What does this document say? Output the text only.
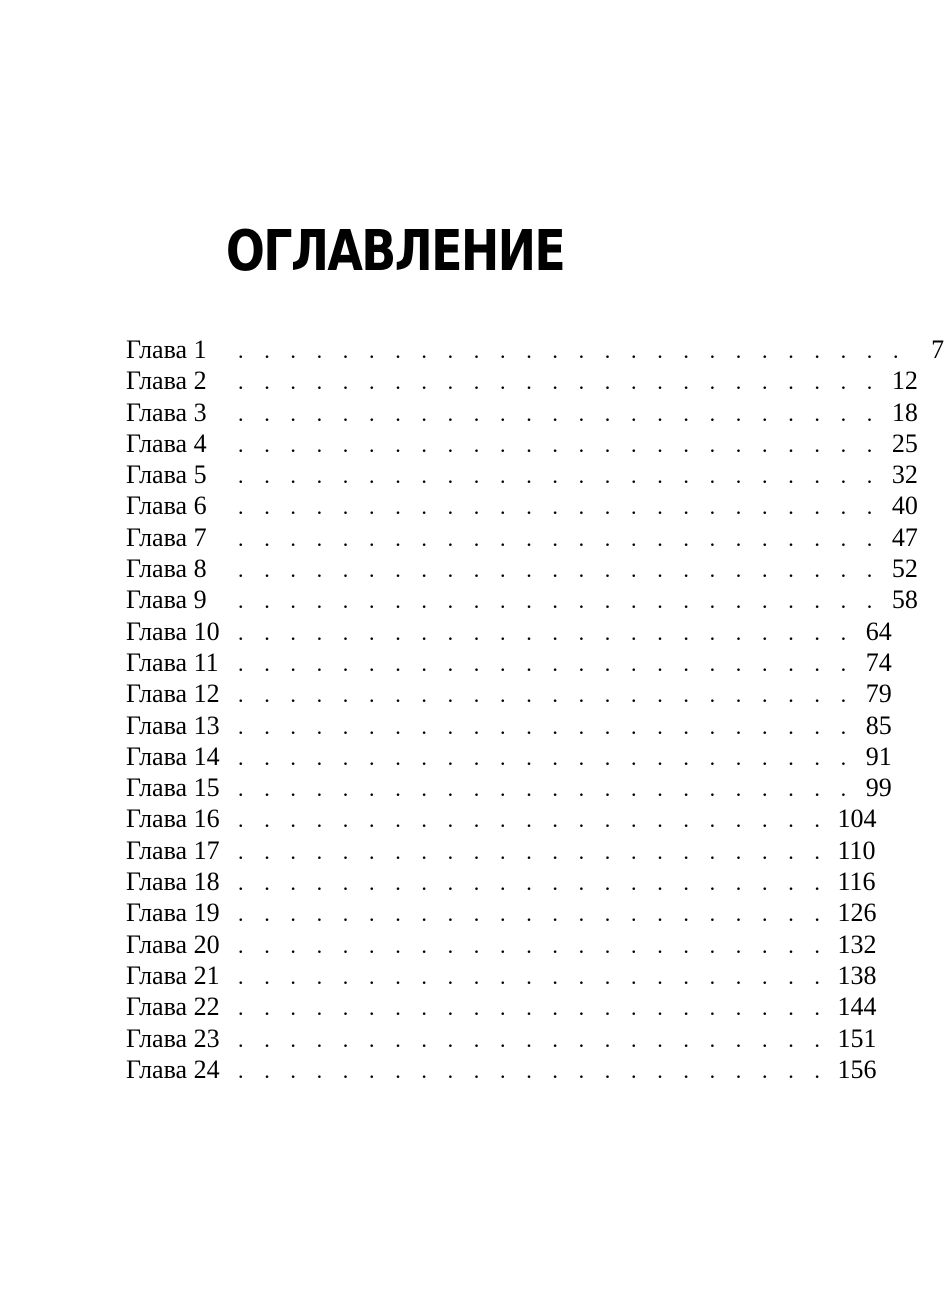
ОГЛАВЛЕНИЕ
Глава 1	. . . . . . . . . . . . . . . . . . . . . . . . . . 7
Глава 2	. . . . . . . . . . . . . . . . . . . . . . . . . 12
Глава 3	. . . . . . . . . . . . . . . . . . . . . . . . . 18
Глава 4	. . . . . . . . . . . . . . . . . . . . . . . . . 25
Глава 5	. . . . . . . . . . . . . . . . . . . . . . . . . 32
Глава 6	. . . . . . . . . . . . . . . . . . . . . . . . . 40
Глава 7	. . . . . . . . . . . . . . . . . . . . . . . . . 47
Глава 8	. . . . . . . . . . . . . . . . . . . . . . . . . 52
Глава 9	. . . . . . . . . . . . . . . . . . . . . . . . . 58
Глава 10 . . . . . . . . . . . . . . . . . . . . . . . . 64
Глава 11 . . . . . . . . . . . . . . . . . . . . . . . . 74
Глава 12 . . . . . . . . . . . . . . . . . . . . . . . . 79
Глава 13 . . . . . . . . . . . . . . . . . . . . . . . . 85
Глава 14 . . . . . . . . . . . . . . . . . . . . . . . . 91
Глава 15 . . . . . . . . . . . . . . . . . . . . . . . . 99
Глава 16 . . . . . . . . . . . . . . . . . . . . . . . 104
Глава 17 . . . . . . . . . . . . . . . . . . . . . . . 110
Глава 18 . . . . . . . . . . . . . . . . . . . . . . . 116
Глава 19 . . . . . . . . . . . . . . . . . . . . . . . 126
Глава 20 . . . . . . . . . . . . . . . . . . . . . . . 132
Глава 21 . . . . . . . . . . . . . . . . . . . . . . . 138
Глава 22 . . . . . . . . . . . . . . . . . . . . . . . 144
Глава 23 . . . . . . . . . . . . . . . . . . . . . . . 151
Глава 24 . . . . . . . . . . . . . . . . . . . . . . . 156
